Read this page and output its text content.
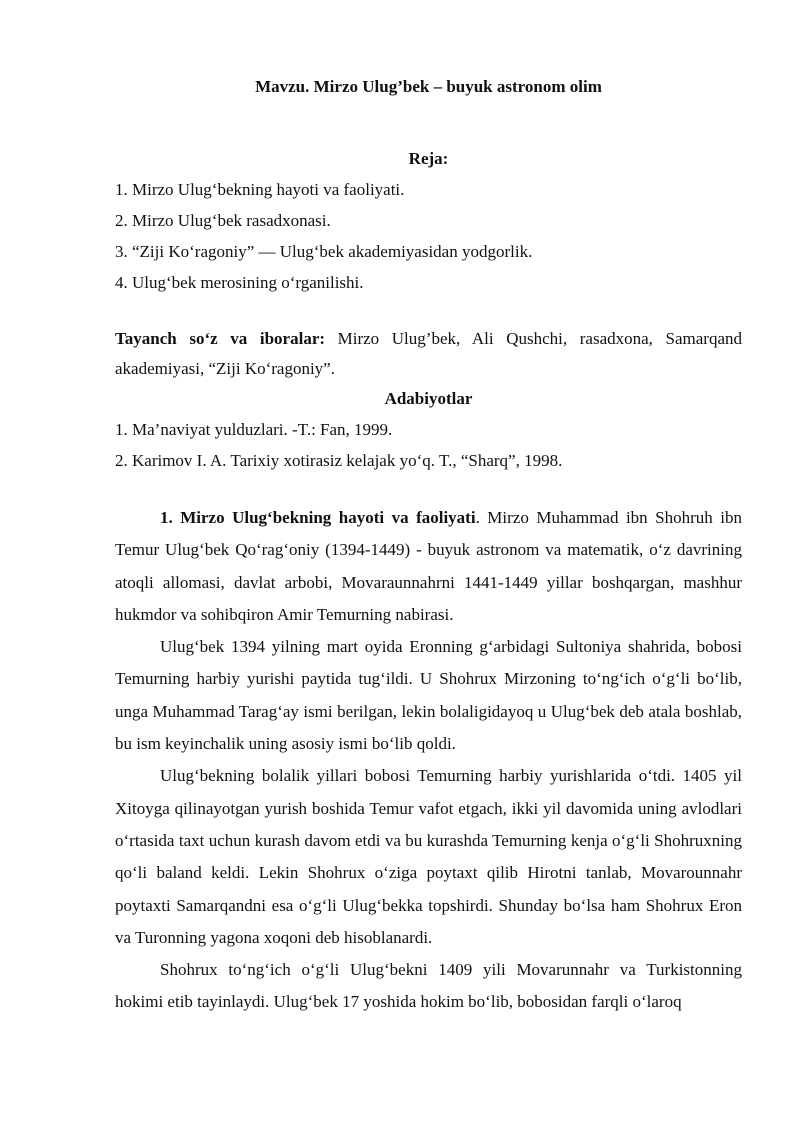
Mavzu. Mirzo Ulug’bek – buyuk astronom olim

Reja:

1. Mirzo Ulug‘bekning hayoti va faoliyati.

2. Mirzo Ulug‘bek rasadxonasi.

3. “Ziji Ko‘ragoniy” — Ulug‘bek akademiyasidan yodgorlik.

4. Ulug‘bek merosining o‘rganilishi.

Tayanch so‘z va iboralar: Mirzo Ulug’bek, Ali Qushchi, rasadxona, Samarqand akademiyasi, “Ziji Ko‘ragoniy”.

Adabiyotlar

1. Ma’naviyat yulduzlari. -T.: Fan, 1999.

2. Karimov I. A. Tarixiy xotirasiz kelajak yo‘q. T., “Sharq”, 1998.

1. Mirzo Ulug‘bekning hayoti va faoliyati. Mirzo Muhammad ibn Shohruh ibn Temur Ulug‘bek Qo‘rag‘oniy (1394-1449) - buyuk astronom va matematik, o‘z davrining atoqli allomasi, davlat arbobi, Movaraunnahrni 1441-1449 yillar boshqargan, mashhur hukmdor va sohibqiron Amir Temurning nabirasi.

Ulug‘bek 1394 yilning mart oyida Eronning g‘arbidagi Sultoniya shahrida, bobosi Temurning harbiy yurishi paytida tug‘ildi. U Shohrux Mirzoning to‘ng‘ich o‘g‘li bo‘lib, unga Muhammad Tarag‘ay ismi berilgan, lekin bolaligidayoq u Ulug‘bek deb atala boshlab, bu ism keyinchalik uning asosiy ismi bo‘lib qoldi.

Ulug‘bekning bolalik yillari bobosi Temurning harbiy yurishlarida o‘tdi. 1405 yil Xitoyga qilinayotgan yurish boshida Temur vafot etgach, ikki yil davomida uning avlodlari o‘rtasida taxt uchun kurash davom etdi va bu kurashda Temurning kenja o‘g‘li Shohruxning qo‘li baland keldi. Lekin Shohrux o‘ziga poytaxt qilib Hirotni tanlab, Movarounnahr poytaxti Samarqandni esa o‘g‘li Ulug‘bekka topshirdi. Shunday bo‘lsa ham Shohrux Eron va Turonning yagona xoqoni deb hisoblanardi.

Shohrux to‘ng‘ich o‘g‘li Ulug‘bekni 1409 yili Movarunnahr va Turkistonning hokimi etib tayinlaydi. Ulug‘bek 17 yoshida hokim bo‘lib, bobosidan farqli o‘laroq
